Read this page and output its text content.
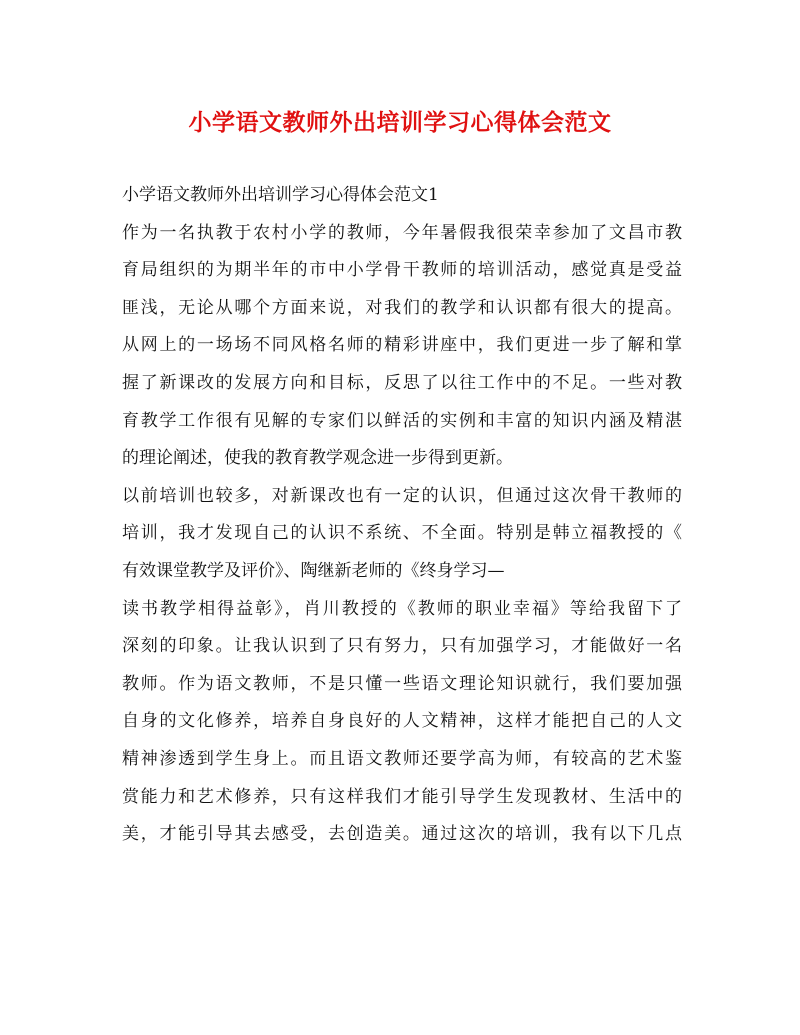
小学语文教师外出培训学习心得体会范文
小学语文教师外出培训学习心得体会范文1
作为一名执教于农村小学的教师，今年暑假我很荣幸参加了文昌市教
育局组织的为期半年的市中小学骨干教师的培训活动，感觉真是受益
匪浅，无论从哪个方面来说，对我们的教学和认识都有很大的提高。
从网上的一场场不同风格名师的精彩讲座中，我们更进一步了解和掌
握了新课改的发展方向和目标，反思了以往工作中的不足。一些对教
育教学工作很有见解的专家们以鲜活的实例和丰富的知识内涵及精湛
的理论阐述，使我的教育教学观念进一步得到更新。
以前培训也较多，对新课改也有一定的认识，但通过这次骨干教师的
培训，我才发现自己的认识不系统、不全面。特别是韩立福教授的《
有效课堂教学及评价》、陶继新老师的《终身学习—
读书教学相得益彰》，肖川教授的《教师的职业幸福》等给我留下了
深刻的印象。让我认识到了只有努力，只有加强学习，才能做好一名
教师。作为语文教师，不是只懂一些语文理论知识就行，我们要加强
自身的文化修养，培养自身良好的人文精神，这样才能把自己的人文
精神渗透到学生身上。而且语文教师还要学高为师，有较高的艺术鉴
赏能力和艺术修养，只有这样我们才能引导学生发现教材、生活中的
美，才能引导其去感受，去创造美。通过这次的培训，我有以下几点
